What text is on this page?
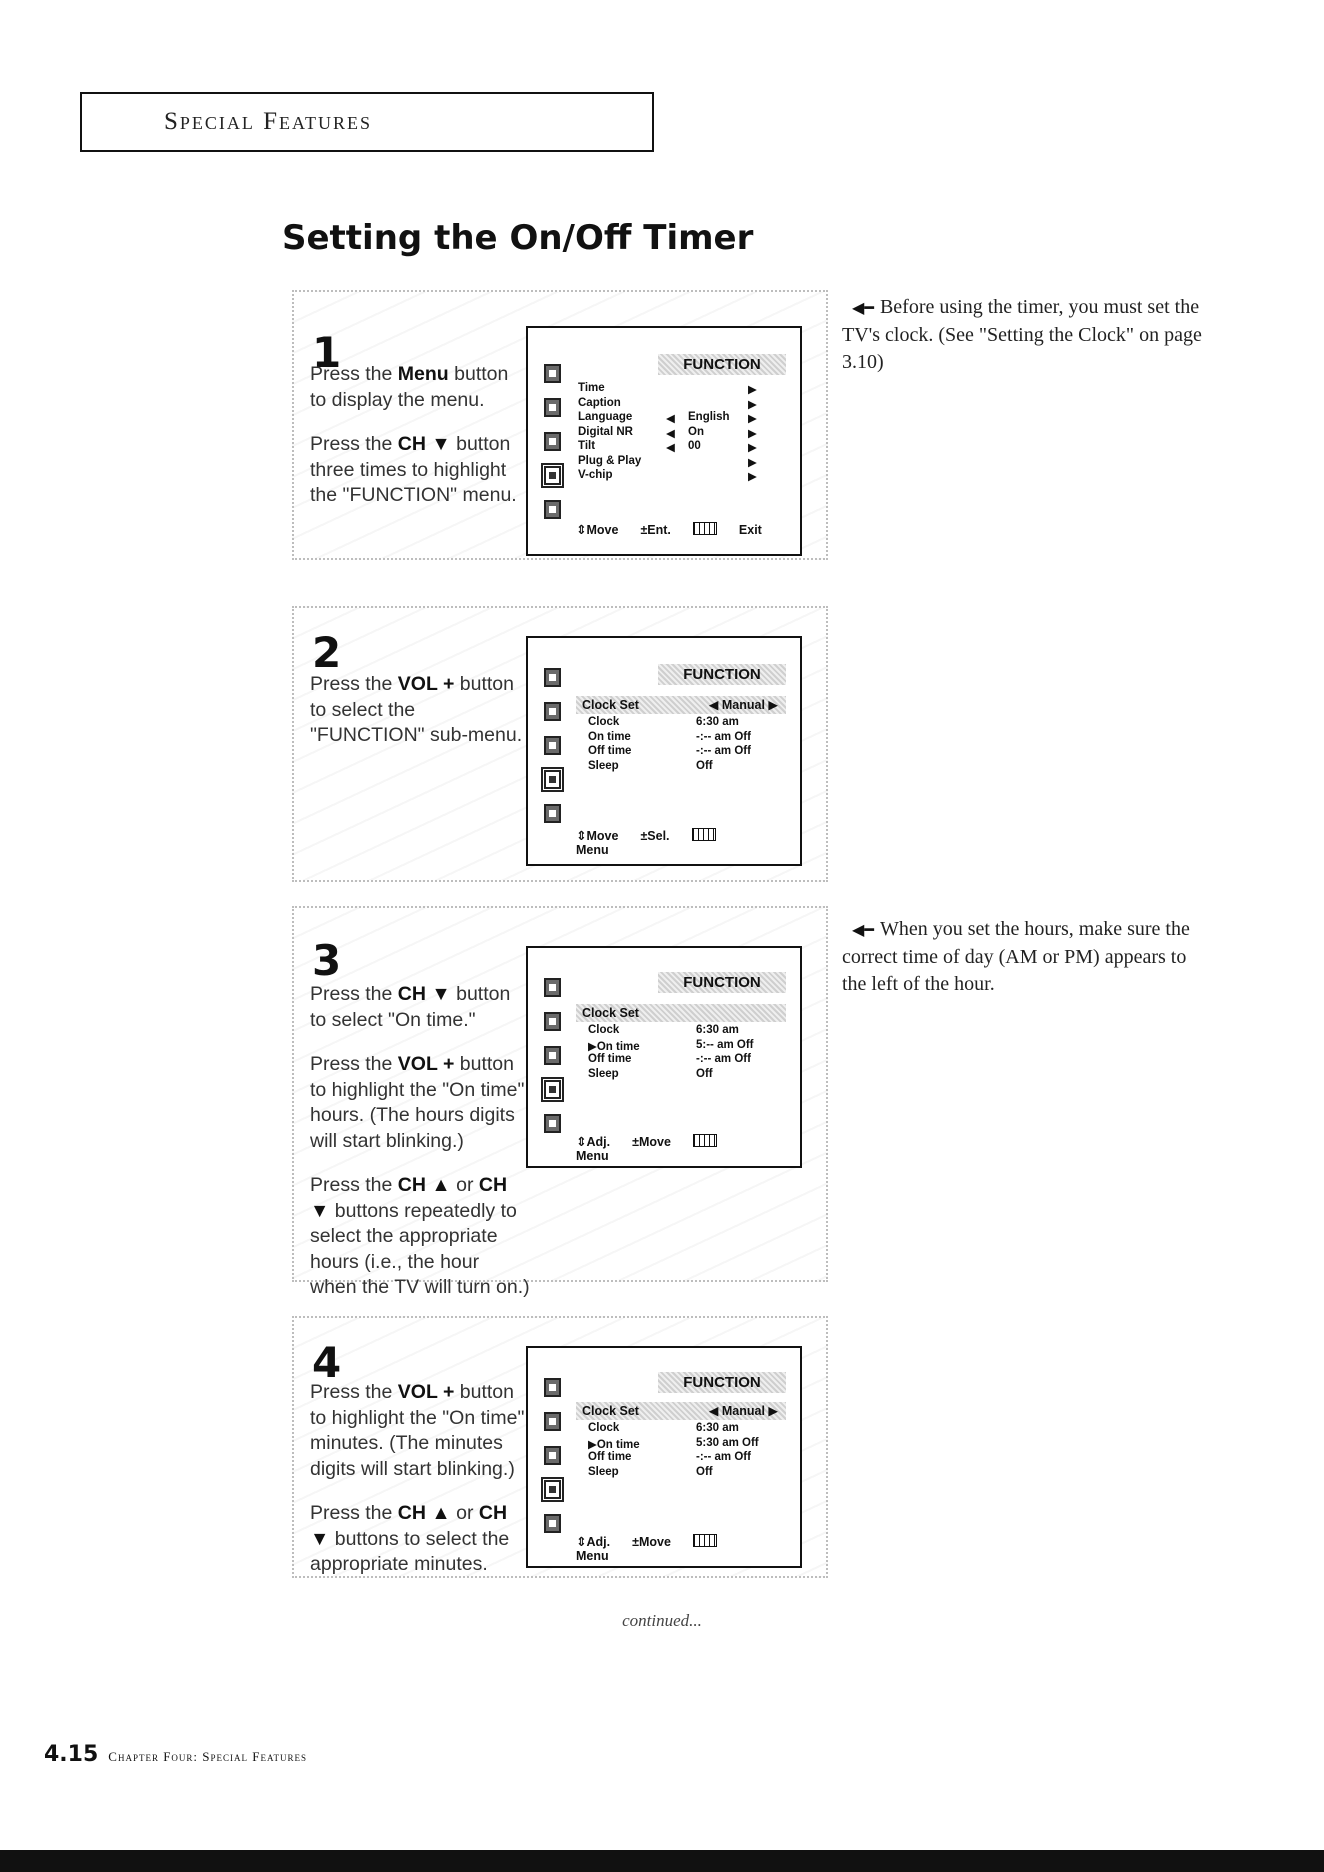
Special Features
Setting the On/Off Timer
1

Press the Menu button to display the menu.

Press the CH ▼ button three times to highlight the "FUNCTION" menu.

FUNCTION
Time	▶
Caption	▶
Language	◀ English ▶
Digital NR	◀ On	▶
Tilt	◀ 00	▶
Plug & Play	▶
V-chip	▶
⇕Move ±Ent.	Exit
2

Press the VOL + button to select the "FUNCTION" sub-menu.

FUNCTION
Clock Set	◀ Manual ▶
Clock	6:30 am
On time	-:-- am Off
Off time	-:-- am Off
Sleep	Off
⇕Move ±Sel.Menu
3

Press the CH ▼ button to select "On time."

Press the VOL + button to highlight the "On time" hours. (The hours digits will start blinking.)

Press the CH ▲ or CH ▼ buttons repeatedly to select the appropriate hours (i.e., the hour when the TV will turn on.)

FUNCTION
Clock Set
Clock	6:30 am
▶On time	5:-- am Off
Off time	-:-- am Off
Sleep	Off
⇕Adj. ±MoveMenu
4

Press the VOL + button to highlight the "On time" minutes. (The minutes digits will start blinking.)

Press the CH ▲ or CH ▼ buttons to select the appropriate minutes.

FUNCTION
Clock Set	◀ Manual ▶
Clock	6:30 am
▶On time	5:30 am Off
Off time	-:-- am Off
Sleep	Off
⇕Adj. ±MoveMenu
◀━ Before using the timer, you must set the TV's clock. (See "Setting the Clock" on page 3.10)
◀━ When you set the hours, make sure the correct time of day (AM or PM) appears to the left of the hour.
continued...
4.15 Chapter Four: Special Features
